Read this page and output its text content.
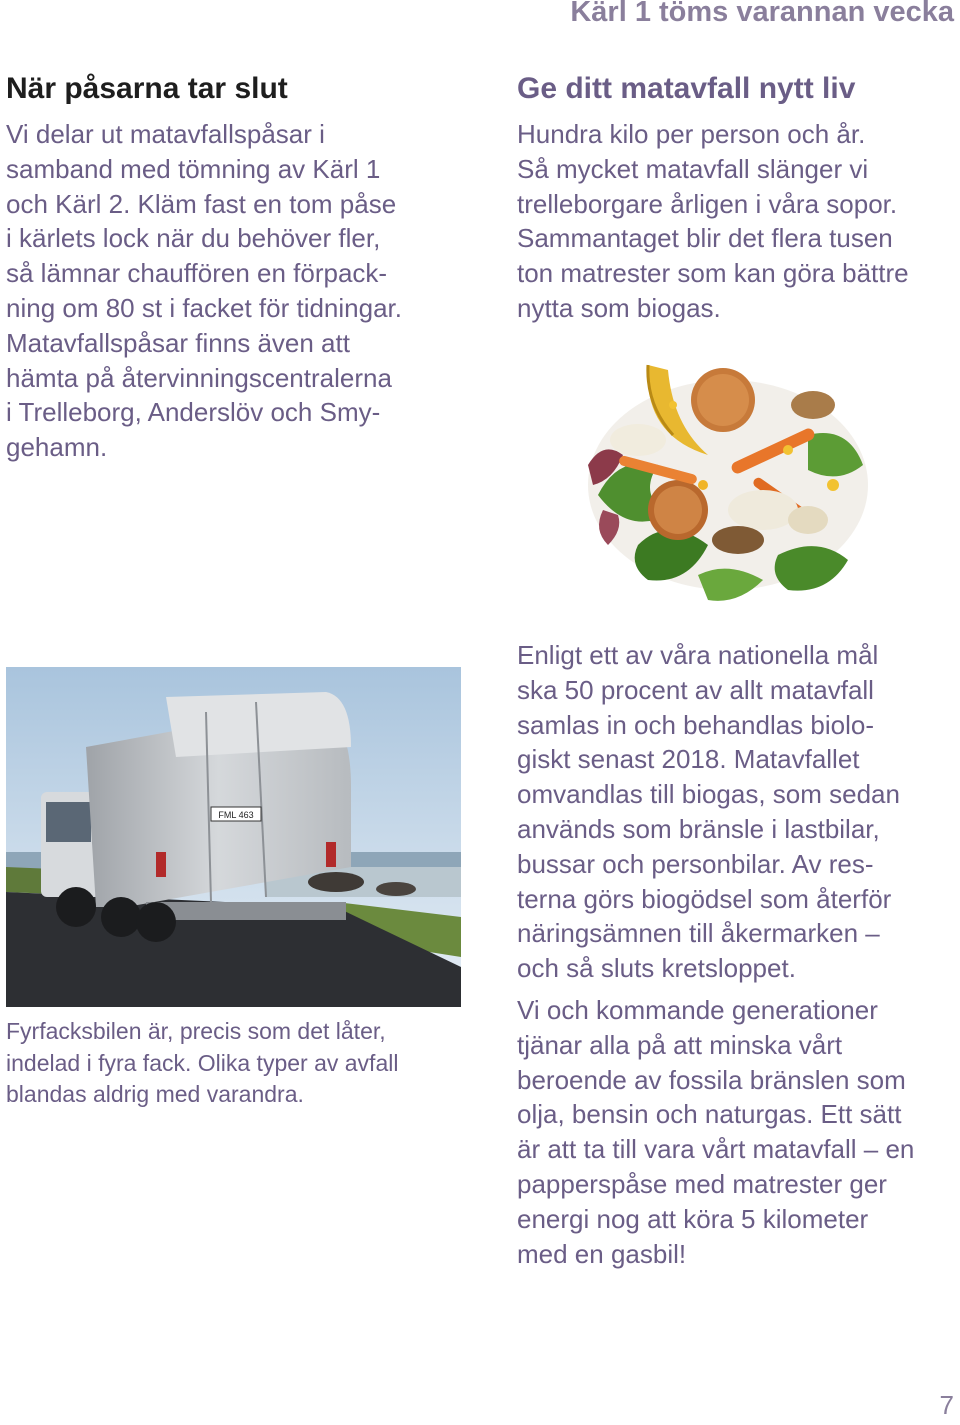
Kärl 1 töms varannan vecka
När påsarna tar slut
Vi delar ut matavfallspåsar i
samband med tömning av Kärl 1
och Kärl 2. Kläm fast en tom påse
i kärlets lock när du behöver fler,
så lämnar chauffören en förpack-
ning om 80 st i facket för tidningar.
Matavfallspåsar finns även att
hämta på återvinningscentralerna
i Trelleborg, Anderslöv och Smy-
gehamn.
Ge ditt matavfall nytt liv
Hundra kilo per person och år.
Så mycket matavfall slänger vi
trelleborgare årligen i våra sopor.
Sammantaget blir det flera tusen
ton matrester som kan göra bättre
nytta som biogas.
FML 463
Fyrfacksbilen är, precis som det låter,
indelad i fyra fack. Olika typer av avfall
blandas aldrig med varandra.
Enligt ett av våra nationella mål
ska 50 procent av allt matavfall
samlas in och behandlas biolo-
giskt senast 2018. Matavfallet
omvandlas till biogas, som sedan
används som bränsle i lastbilar,
bussar och personbilar. Av res-
terna görs biogödsel som återför
näringsämnen till åkermarken –
och så sluts kretsloppet.
Vi och kommande generationer
tjänar alla på att minska vårt
beroende av fossila bränslen som
olja, bensin och naturgas. Ett sätt
är att ta till vara vårt matavfall – en
papperspåse med matrester ger
energi nog att köra 5 kilometer
med en gasbil!
7
